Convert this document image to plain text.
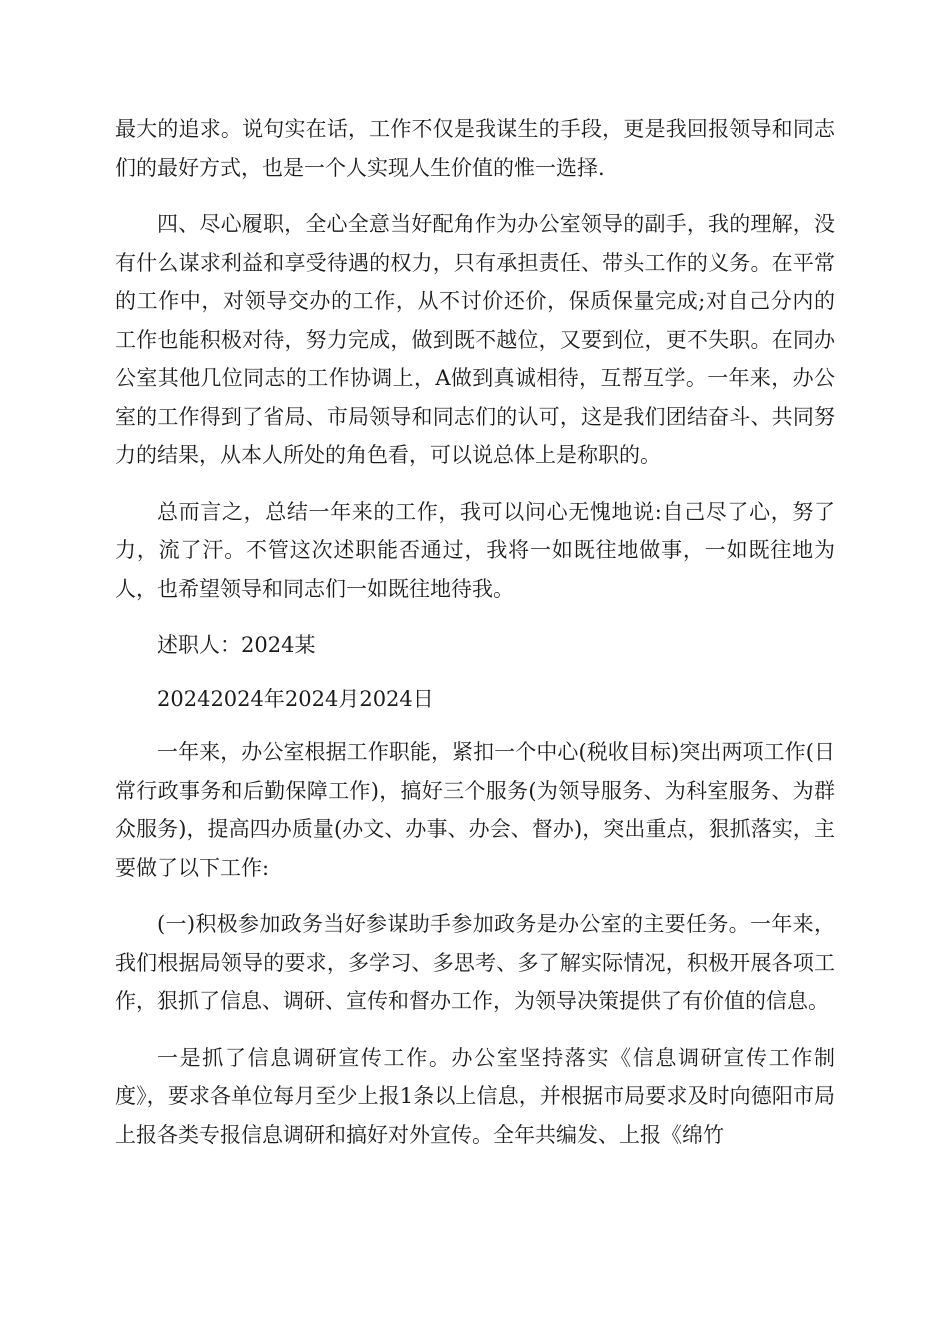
最大的追求。说句实在话，工作不仅是我谋生的手段，更是我回报领导和同志们的最好方式，也是一个人实现人生价值的惟一选择.

四、尽心履职，全心全意当好配角作为办公室领导的副手，我的理解，没有什么谋求利益和享受待遇的权力，只有承担责任、带头工作的义务。在平常的工作中，对领导交办的工作，从不讨价还价，保质保量完成;对自己分内的工作也能积极对待，努力完成，做到既不越位，又要到位，更不失职。在同办公室其他几位同志的工作协调上，A做到真诚相待，互帮互学。一年来，办公室的工作得到了省局、市局领导和同志们的认可，这是我们团结奋斗、共同努力的结果，从本人所处的角色看，可以说总体上是称职的。

总而言之，总结一年来的工作，我可以问心无愧地说:自己尽了心，努了力，流了汗。不管这次述职能否通过，我将一如既往地做事，一如既往地为人，也希望领导和同志们一如既往地待我。

述职人：2024某

20242024年2024月2024日

一年来，办公室根据工作职能，紧扣一个中心(税收目标)突出两项工作(日常行政事务和后勤保障工作)，搞好三个服务(为领导服务、为科室服务、为群众服务)，提高四办质量(办文、办事、办会、督办)，突出重点，狠抓落实，主要做了以下工作:

(一)积极参加政务当好参谋助手参加政务是办公室的主要任务。一年来，我们根据局领导的要求，多学习、多思考、多了解实际情况，积极开展各项工作，狠抓了信息、调研、宣传和督办工作，为领导决策提供了有价值的信息。

一是抓了信息调研宣传工作。办公室坚持落实《信息调研宣传工作制度》，要求各单位每月至少上报1条以上信息，并根据市局要求及时向德阳市局上报各类专报信息调研和搞好对外宣传。全年共编发、上报《绵竹
